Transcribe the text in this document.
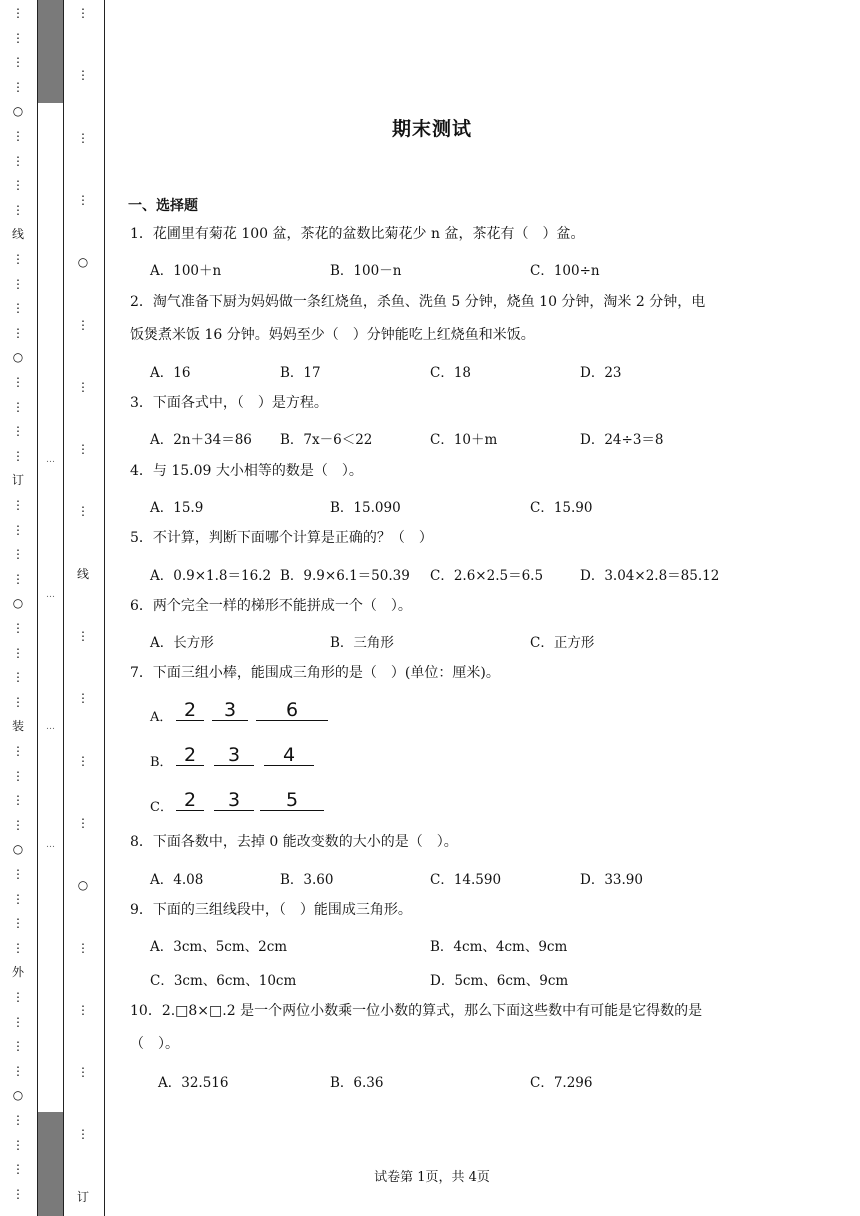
⋮
⋮
⋮
⋮
○
⋮
⋮
⋮
⋮
线
⋮
⋮
⋮
⋮
○
⋮
⋮
⋮
⋮
订
⋮
⋮
⋮
⋮
○
⋮
⋮
⋮
⋮
装
⋮
⋮
⋮
⋮
○
⋮
⋮
⋮
⋮
外
⋮
⋮
⋮
⋮
○
⋮
⋮
⋮
⋮
…
…
…
…
⋮
⋮
⋮
⋮
○
⋮
⋮
⋮
⋮
线
⋮
⋮
⋮
⋮
○
⋮
⋮
⋮
⋮
订
期末测试
一、选择题
1．花圃里有菊花 100 盆，茶花的盆数比菊花少 n 盆，茶花有（　）盆。
A．100＋n	B．100－n	C．100÷n
2．淘气准备下厨为妈妈做一条红烧鱼，杀鱼、洗鱼 5 分钟，烧鱼 10 分钟，淘米 2 分钟，电
饭煲煮米饭 16 分钟。妈妈至少（　）分钟能吃上红烧鱼和米饭。
A．16	B．17	C．18	D．23
3．下面各式中，（　）是方程。
A．2n＋34＝86 B．7x－6＜22	C．10＋m	D．24÷3＝8
4．与 15.09 大小相等的数是（　）。
A．15.9	B．15.090	C．15.90
5．不计算，判断下面哪个计算是正确的？（　）
A．0.9×1.8＝16.2 B．9.9×6.1＝50.39 C．2.6×2.5＝6.5	D．3.04×2.8＝85.12
6．两个完全一样的梯形不能拼成一个（　）。
A．长方形	B．三角形	C．正方形
7．下面三组小棒，能围成三角形的是（　）(单位：厘米)。
A． 2	3	6
B． 2	3	4
C． 2	3	5
8．下面各数中，去掉 0 能改变数的大小的是（　）。
A．4.08	B．3.60	C．14.590	D．33.90
9．下面的三组线段中，（　）能围成三角形。
A．3cm、5cm、2cm	B．4cm、4cm、9cm
C．3cm、6cm、10cm	D．5cm、6cm、9cm
10．2.□8×□.2 是一个两位小数乘一位小数的算式，那么下面这些数中有可能是它得数的是
（　）。
A．32.516	B．6.36	C．7.296
试卷第 1页，共 4页
